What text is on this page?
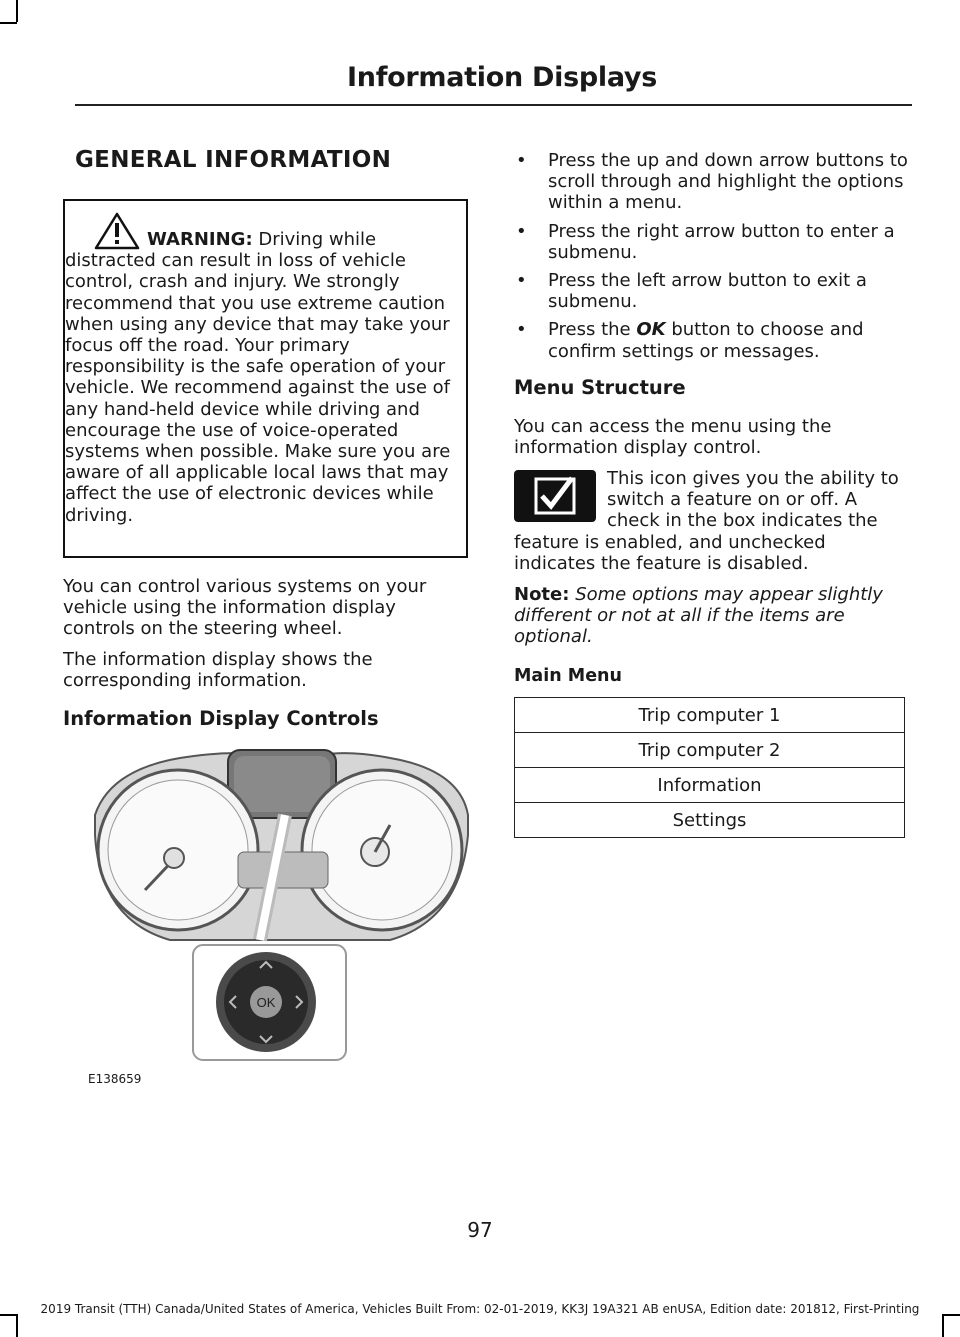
Information Displays
GENERAL INFORMATION

WARNING: Driving while distracted can result in loss of vehicle control, crash and injury. We strongly recommend that you use extreme caution when using any device that may take your focus off the road. Your primary responsibility is the safe operation of your vehicle. We recommend against the use of any hand-held device while driving and encourage the use of voice-operated systems when possible. Make sure you are aware of all applicable local laws that may affect the use of electronic devices while driving.

You can control various systems on your vehicle using the information display controls on the steering wheel.

The information display shows the corresponding information.

Information Display Controls
OK
E138659
• Press the up and down arrow buttons to scroll through and highlight the options within a menu.
• Press the right arrow button to enter a submenu.
• Press the left arrow button to exit a submenu.
• Press the OK button to choose and confirm settings or messages.
Menu Structure

You can access the menu using the information display control.

This icon gives you the ability to switch a feature on or off. A check in the box indicates the

feature is enabled, and unchecked indicates the feature is disabled.

Note: Some options may appear slightly different or not at all if the items are optional.

Main Menu
Trip computer 1
Trip computer 2
Information
Settings
97
2019 Transit (TTH) Canada/United States of America, Vehicles Built From: 02-01-2019, KK3J 19A321 AB enUSA, Edition date: 201812, First-Printing
